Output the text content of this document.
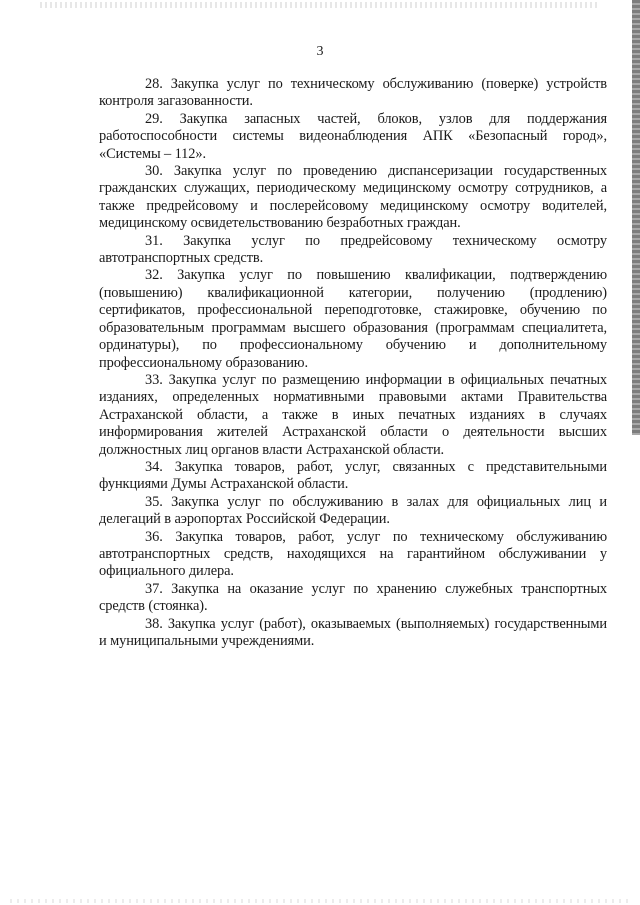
3

28. Закупка услуг по техническому обслуживанию (поверке) устройств контроля загазованности.

29. Закупка запасных частей, блоков, узлов для поддержания работоспособности системы видеонаблюдения АПК «Безопасный город», «Системы – 112».

30. Закупка услуг по проведению диспансеризации государственных гражданских служащих, периодическому медицинскому осмотру сотрудников, а также предрейсовому и послерейсовому медицинскому осмотру водителей, медицинскому освидетельствованию безработных граждан.

31. Закупка услуг по предрейсовому техническому осмотру автотранспортных средств.

32. Закупка услуг по повышению квалификации, подтверждению (повышению) квалификационной категории, получению (продлению) сертификатов, профессиональной переподготовке, стажировке, обучению по образовательным программам высшего образования (программам специалитета, ординатуры), по профессиональному обучению и дополнительному профессиональному образованию.

33. Закупка услуг по размещению информации в официальных печатных изданиях, определенных нормативными правовыми актами Правительства Астраханской области, а также в иных печатных изданиях в случаях информирования жителей Астраханской области о деятельности высших должностных лиц органов власти Астраханской области.

34. Закупка товаров, работ, услуг, связанных с представительными функциями Думы Астраханской области.

35. Закупка услуг по обслуживанию в залах для официальных лиц и делегаций в аэропортах Российской Федерации.

36. Закупка товаров, работ, услуг по техническому обслуживанию автотранспортных средств, находящихся на гарантийном обслуживании у официального дилера.

37. Закупка на оказание услуг по хранению служебных транспортных средств (стоянка).

38. Закупка услуг (работ), оказываемых (выполняемых) государственными и муниципальными учреждениями.
